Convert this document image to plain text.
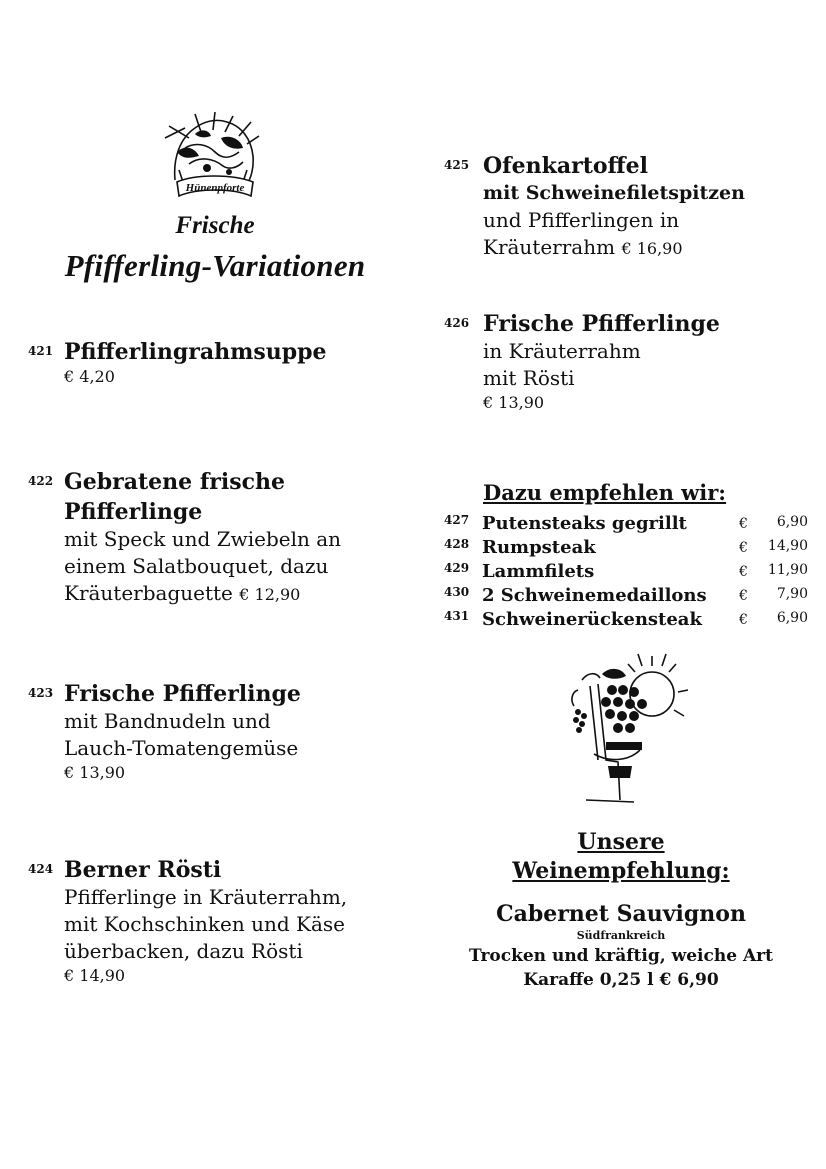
Hünenpforte
Frische
Pfifferling-Variationen
421 Pfifferlingrahmsuppe
€ 4,20
422 Gebratene frische
Pfifferlinge
mit Speck und Zwiebeln an
einem Salatbouquet, dazu
Kräuterbaguette € 12,90
423 Frische Pfifferlinge
mit Bandnudeln und
Lauch-Tomatengemüse
€ 13,90
424 Berner Rösti
Pfifferlinge in Kräuterrahm,
mit Kochschinken und Käse
überbacken, dazu Rösti
€ 14,90
425 Ofenkartoffel
mit Schweinefiletspitzen
und Pfifferlingen in
Kräuterrahm € 16,90
426 Frische Pfifferlinge
in Kräuterrahm
mit Rösti
€ 13,90
Dazu empfehlen wir:
427 Putensteaks gegrillt	€ 6,90
428 Rumpsteak	€ 14,90
429 Lammfilets	€ 11,90
430 2 Schweinemedaillons € 7,90
431 Schweinerückensteak	€ 6,90
Unsere
Weinempfehlung:
Cabernet Sauvignon
Südfrankreich
Trocken und kräftig, weiche Art
Karaffe 0,25 l € 6,90
